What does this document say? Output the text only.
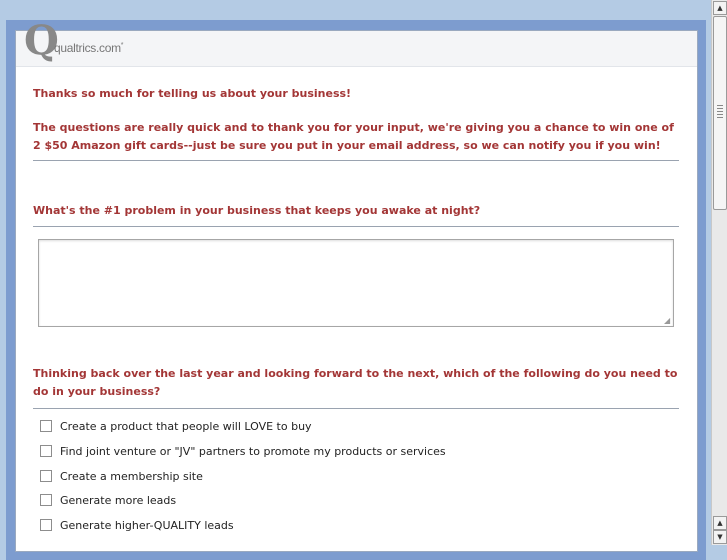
Q
qualtrics.com*
Thanks so much for telling us about your business!
The questions are really quick and to thank you for your input, we're giving you a chance to win one of 2 $50 Amazon gift cards--just be sure you put in your email address, so we can notify you if you win!
What's the #1 problem in your business that keeps you awake at night?
◢
Thinking back over the last year and looking forward to the next, which of the following do you need to do in your business?
Create a product that people will LOVE to buy
Find joint venture or "JV" partners to promote my products or services
Create a membership site
Generate more leads
Generate higher-QUALITY leads
▲
▲
▼
